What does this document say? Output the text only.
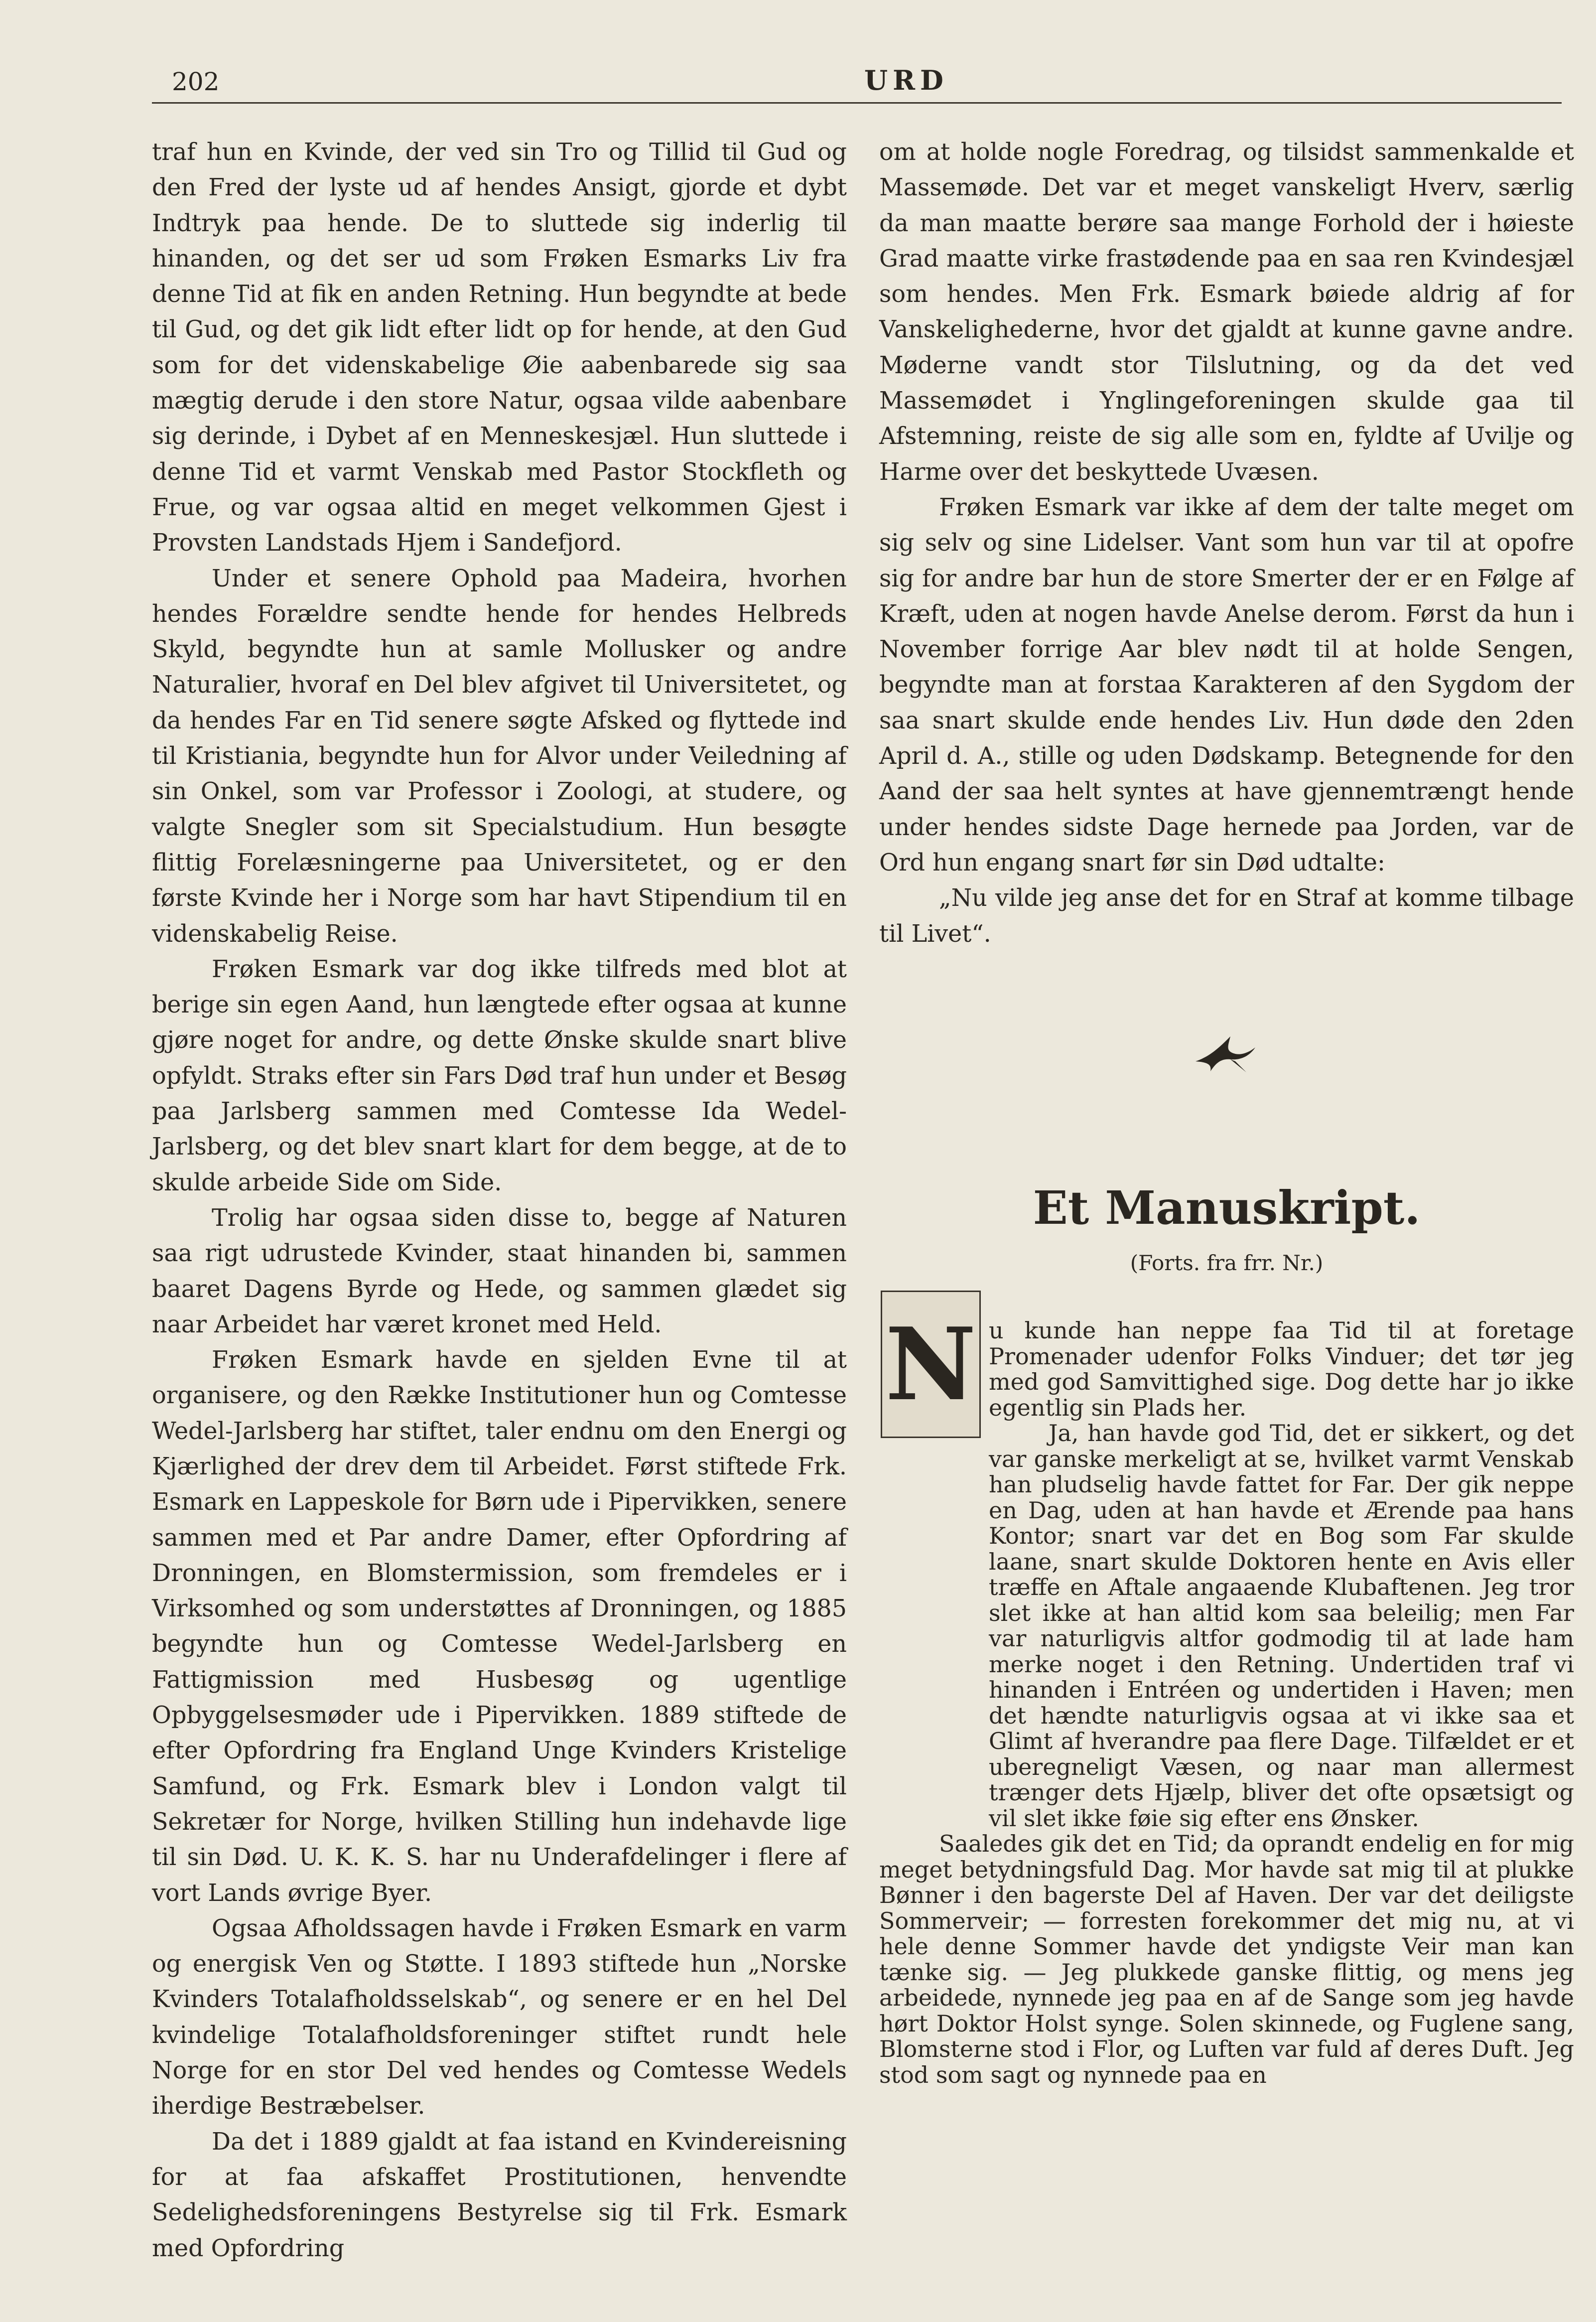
202	URD

traf hun en Kvinde, der ved sin Tro og Tillid til Gud og den Fred der lyste ud af hendes Ansigt, gjorde et dybt Indtryk paa hende. De to sluttede sig inderlig til hinanden, og det ser ud som Frøken Esmarks Liv fra denne Tid at fik en anden Retning. Hun begyndte at bede til Gud, og det gik lidt efter lidt op for hende, at den Gud som for det videnskabelige Øie aabenbarede sig saa mægtig derude i den store Natur, ogsaa vilde aabenbare sig derinde, i Dybet af en Menneskesjæl. Hun sluttede i denne Tid et varmt Venskab med Pastor Stockfleth og Frue, og var ogsaa altid en meget velkommen Gjest i Provsten Landstads Hjem i Sandefjord.

Under et senere Ophold paa Madeira, hvorhen hendes Forældre sendte hende for hendes Helbreds Skyld, begyndte hun at samle Mollusker og andre Naturalier, hvoraf en Del blev afgivet til Universitetet, og da hendes Far en Tid senere søgte Afsked og flyttede ind til Kristiania, begyndte hun for Alvor under Veiledning af sin Onkel, som var Professor i Zoologi, at studere, og valgte Snegler som sit Specialstudium. Hun besøgte flittig Forelæsningerne paa Universitetet, og er den første Kvinde her i Norge som har havt Stipendium til en videnskabelig Reise.

Frøken Esmark var dog ikke tilfreds med blot at berige sin egen Aand, hun længtede efter ogsaa at kunne gjøre noget for andre, og dette Ønske skulde snart blive opfyldt. Straks efter sin Fars Død traf hun under et Besøg paa Jarlsberg sammen med Comtesse Ida Wedel-Jarlsberg, og det blev snart klart for dem begge, at de to skulde arbeide Side om Side.

Trolig har ogsaa siden disse to, begge af Naturen saa rigt udrustede Kvinder, staat hinanden bi, sammen baaret Dagens Byrde og Hede, og sammen glædet sig naar Arbeidet har været kronet med Held.

Frøken Esmark havde en sjelden Evne til at organisere, og den Række Institutioner hun og Comtesse Wedel-Jarlsberg har stiftet, taler endnu om den Energi og Kjærlighed der drev dem til Arbeidet. Først stiftede Frk. Esmark en Lappeskole for Børn ude i Pipervikken, senere sammen med et Par andre Damer, efter Opfordring af Dronningen, en Blomstermission, som fremdeles er i Virksomhed og som understøttes af Dronningen, og 1885 begyndte hun og Comtesse Wedel-Jarlsberg en Fattigmission med Husbesøg og ugentlige Opbyggelsesmøder ude i Pipervikken. 1889 stiftede de efter Opfordring fra England Unge Kvinders Kristelige Samfund, og Frk. Esmark blev i London valgt til Sekretær for Norge, hvilken Stilling hun indehavde lige til sin Død. U. K. K. S. har nu Underafdelinger i flere af vort Lands øvrige Byer.

Ogsaa Afholdssagen havde i Frøken Esmark en varm og energisk Ven og Støtte. I 1893 stiftede hun „Norske Kvinders Totalafholdsselskab“, og senere er en hel Del kvindelige Totalafholdsforeninger stiftet rundt hele Norge for en stor Del ved hendes og Comtesse Wedels iherdige Bestræbelser.

Da det i 1889 gjaldt at faa istand en Kvindereisning for at faa afskaffet Prostitutionen, henvendte Sedelighedsforeningens Bestyrelse sig til Frk. Esmark med Opfordring

om at holde nogle Foredrag, og tilsidst sammenkalde et Massemøde. Det var et meget vanskeligt Hverv, særlig da man maatte berøre saa mange Forhold der i høieste Grad maatte virke frastødende paa en saa ren Kvindesjæl som hendes. Men Frk. Esmark bøiede aldrig af for Vanskelighederne, hvor det gjaldt at kunne gavne andre. Møderne vandt stor Tilslutning, og da det ved Massemødet i Ynglingeforeningen skulde gaa til Afstemning, reiste de sig alle som en, fyldte af Uvilje og Harme over det beskyttede Uvæsen.

Frøken Esmark var ikke af dem der talte meget om sig selv og sine Lidelser. Vant som hun var til at opofre sig for andre bar hun de store Smerter der er en Følge af Kræft, uden at nogen havde Anelse derom. Først da hun i November forrige Aar blev nødt til at holde Sengen, begyndte man at forstaa Karakteren af den Sygdom der saa snart skulde ende hendes Liv. Hun døde den 2den April d. A., stille og uden Dødskamp. Betegnende for den Aand der saa helt syntes at have gjennemtrængt hende under hendes sidste Dage hernede paa Jorden, var de Ord hun engang snart før sin Død udtalte:

„Nu vilde jeg anse det for en Straf at komme tilbage til Livet“.

Et Manuskript.
(Forts. fra frr. Nr.)
N u kunde han neppe faa Tid til at foretage Promenader udenfor Folks Vinduer; det tør jeg med god Samvittighed sige. Dog dette har jo ikke egentlig sin Plads her.

Ja, han havde god Tid, det er sikkert, og det var ganske merkeligt at se, hvilket varmt Venskab han pludselig havde fattet for Far. Der gik neppe en Dag, uden at han havde et Ærende paa hans Kontor; snart var det en Bog som Far skulde laane, snart skulde Doktoren hente en Avis eller træffe en Aftale angaaende Klubaftenen. Jeg tror slet ikke at han altid kom saa beleilig; men Far var naturligvis altfor godmodig til at lade ham merke noget i den Retning. Undertiden traf vi hinanden i Entréen og undertiden i Haven; men det hændte naturligvis ogsaa at vi ikke saa et Glimt af hverandre paa flere Dage. Tilfældet er et uberegneligt Væsen, og naar man allermest trænger dets Hjælp, bliver det ofte opsætsigt og vil slet ikke føie sig efter ens Ønsker.

Saaledes gik det en Tid; da oprandt endelig en for mig meget betydningsfuld Dag. Mor havde sat mig til at plukke Bønner i den bagerste Del af Haven. Der var det deiligste Sommerveir; — forresten forekommer det mig nu, at vi hele denne Sommer havde det yndigste Veir man kan tænke sig. — Jeg plukkede ganske flittig, og mens jeg arbeidede, nynnede jeg paa en af de Sange som jeg havde hørt Doktor Holst synge. Solen skinnede, og Fuglene sang, Blomsterne stod i Flor, og Luften var fuld af deres Duft. Jeg stod som sagt og nynnede paa en
